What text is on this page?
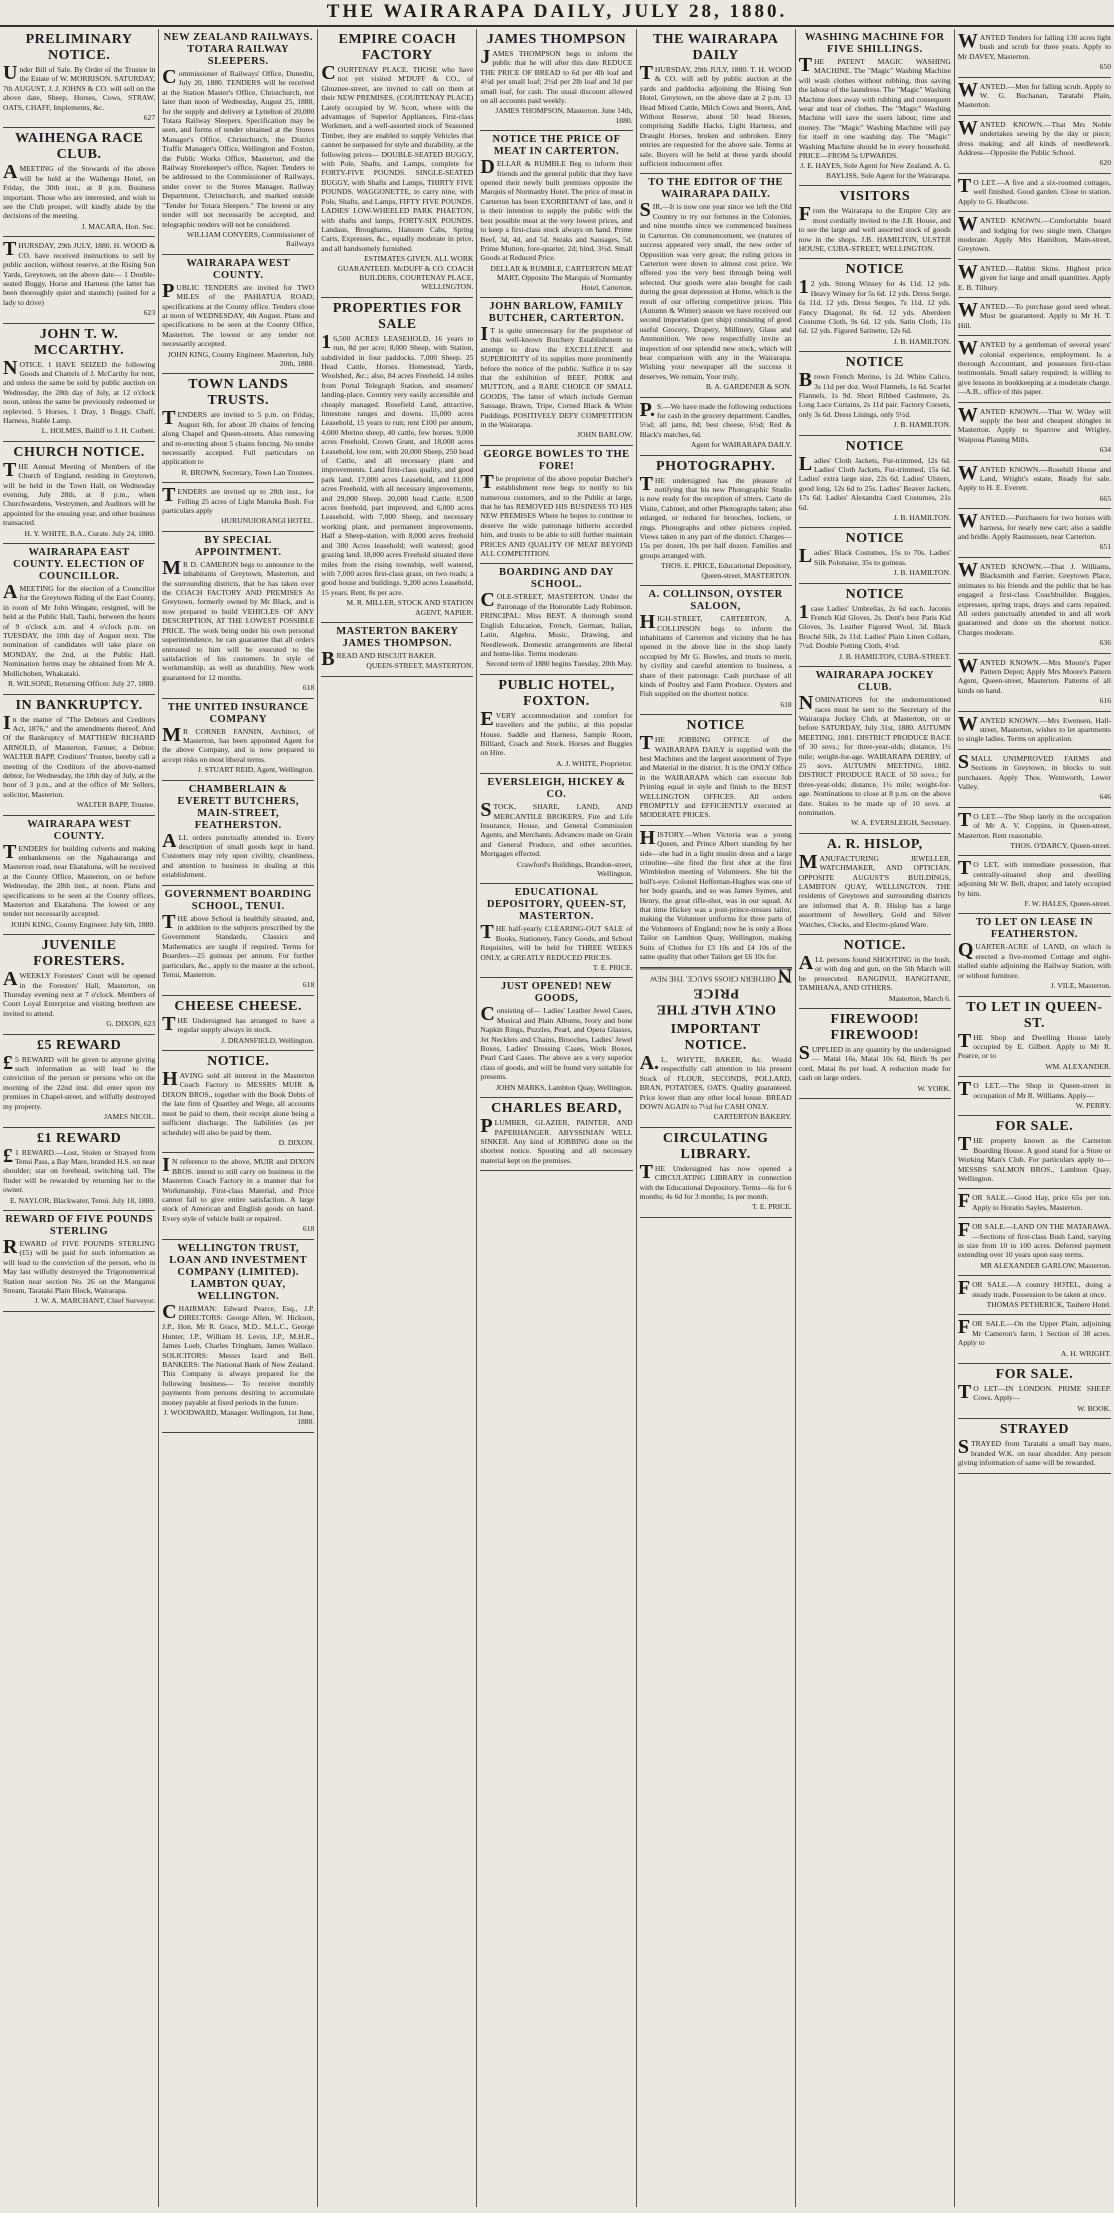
THE WAIRARAPA DAILY, JULY 28, 1880.
PRELIMINARY NOTICE.

Under Bill of Sale. By Order of the Trustee in the Estate of W. MORRISON. SATURDAY, 7th AUGUST, J. J. JOHNS & CO. will sell on the above date, Sheep, Horses, Cows, STRAW, OATS, CHAFF, Implements, &c.

627

WAIHENGA RACE CLUB.

AMEETING of the Stewards of the above will be held at the Waihenga Hotel, on Friday, the 30th inst., at 8 p.m. Business important. Those who are interested, and wish to see the Club prosper, will kindly abide by the decisions of the meeting.

J. MACARA, Hon. Sec.

THURSDAY, 29th JULY, 1880. H. WOOD & CO. have received instructions to sell by public auction, without reserve, at the Rising Sun Yards, Greytown, on the above date— 1 Double-seated Buggy, Horse and Harness (the latter has been thoroughly quiet and staunch) (suited for a lady to drive)

623

JOHN T. W. MCCARTHY.

NOTICE. I HAVE SEIZED the following Goods and Chattels of J. McCarthy for rent, and unless the same be sold by public auction on Wednesday, the 28th day of July, at 12 o'clock noon, unless the same be previously redeemed or replevied. 5 Horses, 1 Dray, 1 Buggy, Chaff, Harness, Stable Lamp.

L. HOLMES, Bailiff to J. H. Corbett.

CHURCH NOTICE.

THE Annual Meeting of Members of the Church of England, residing in Greytown, will be held in the Town Hall, on Wednesday evening, July 28th, at 8 p.m., when Churchwardens, Vestrymen, and Auditors will be appointed for the ensuing year, and other business transacted.

H. Y. WHITE, B.A., Curate. July 24, 1880.

WAIRARAPA EAST COUNTY. ELECTION OF COUNCILLOR.

AMEETING for the election of a Councillor for the Greytown Riding of the East County, in room of Mr John Wingate, resigned, will be held at the Public Hall, Tauhi, between the hours of 9 o'clock a.m. and 4 o'clock p.m. on TUESDAY, the 10th day of August next. The nomination of candidates will take place on MONDAY, the 2nd, at the Public Hall. Nomination forms may be obtained from Mr A. Mollichoben, Whakataki.

R. WILSONE, Returning Officer. July 27, 1880.

IN BANKRUPTCY.

In the matter of "The Debtors and Creditors Act, 1876," and the amendments thereof, And Of the Bankruptcy of MATTHEW RICHARD ARNOLD, of Masterton, Farmer, a Debtor. WALTER BAPP, Creditors' Trustee, hereby call a meeting of the Creditors of the above-named debtor, for Wednesday, the 18th day of July, at the hour of 3 p.m., and at the office of Mr Sellers, solicitor, Masterton.

WALTER BAPP, Trustee.

WAIRARAPA WEST COUNTY.

TENDERS for building culverts and making embankments on the Ngahauranga and Masterton road, near Ekatahuna, will be received at the County Office, Masterton, on or before Wednesday, the 28th inst., at noon. Plans and specifications to be seen at the County offices, Masterton and Ekatahuna. The lowest or any tender not necessarily accepted.

JOHN KING, County Engineer. July 6th, 1880.

JUVENILE FORESTERS.

AWEEKLY Foresters' Court will be opened in the Foresters' Hall, Masterton, on Thursday evening next at 7 o'clock. Members of Court Loyal Enterprise and visiting brethren are invited to attend.

G. DIXON, 623

£5 REWARD

£5 REWARD will be given to anyone giving such information as will lead to the conviction of the person or persons who on the morning of the 22nd inst. did enter upon my premises in Chapel-street, and wilfully destroyed my property.

JAMES NICOL.

£1 REWARD

£1 REWARD.—Lost, Stolen or Strayed from Tenui Pass, a Bay Mare, branded H.S. on near shoulder; star on forehead, switching tail. The finder will be rewarded by returning her to the owner.

E. NAYLOR, Blackwater, Tenui. July 18, 1880.

REWARD OF FIVE POUNDS STERLING

REWARD of FIVE POUNDS STERLING (£5) will be paid for such information as will lead to the conviction of the person, who in May last wilfully destroyed the Trigonometrical Station near section No. 26 on the Manganui Stream, Tarataki Plain Block, Wairarapa.

J. W. A. MARCHANT, Chief Surveyor.

NEW ZEALAND RAILWAYS. TOTARA RAILWAY SLEEPERS.

Commissioner of Railways' Office, Dunedin, July 20, 1880. TENDERS will be received at the Station Master's Office, Christchurch, not later than noon of Wednesday, August 25, 1880, for the supply and delivery at Lyttelton of 20,000 Totara Railway Sleepers. Specification may be seen, and forms of tender obtained at the Stores Manager's Office, Christchurch, the District Traffic Manager's Office, Wellington and Foxton, the Public Works Office, Masterton, and the Railway Storekeeper's office, Napier. Tenders to be addressed to the Commissioner of Railways, under cover to the Stores Manager, Railway Department, Christchurch, and marked outside "Tender for Totara Sleepers." The lowest or any tender will not necessarily be accepted, and telegraphic tenders will not be considered.

WILLIAM CONYERS, Commissioner of Railways

WAIRARAPA WEST COUNTY.

PUBLIC TENDERS are invited for TWO MILES of the PAHIATUA ROAD; specifications at the County office. Tenders close at noon of WEDNESDAY, 4th August. Plans and specifications to be seen at the County Office, Masterton. The lowest or any tender not necessarily accepted.

JOHN KING, County Engineer. Masterton, July 20th, 1880.

TOWN LANDS TRUSTS.

TENDERS are invited to 5 p.m. on Friday, August 6th, for about 20 chains of fencing along Chapel and Queen-streets. Also removing and re-erecting about 5 chains fencing. No tender necessarily accepted. Full particulars on application to

R. BROWN, Secretary, Town Lan Trustees.

TENDERS are invited up to 28th inst., for Felling 25 acres of Light Manuka Bush. For particulars apply

HURUNUIORANGI HOTEL.

BY SPECIAL APPOINTMENT.

MR D. CAMERON begs to announce to the inhabitants of Greytown, Masterton, and the surrounding districts, that he has taken over the COACH FACTORY AND PREMISES At Greytown, formerly owned by Mr Black, and is now prepared to build VEHICLES OF ANY DESCRIPTION, AT THE LOWEST POSSIBLE PRICE. The work being under his own personal superintendence, he can guarantee that all orders entrusted to him will be executed to the satisfaction of his customers. In style of workmanship, as well as durability. New work guaranteed for 12 months.

618

THE UNITED INSURANCE COMPANY

MR CORNER FANNIN, Architect, of Masterton, has been appointed Agent for the above Company, and is now prepared to accept risks on most liberal terms.

J. STUART REID, Agent, Wellington.

CHAMBERLAIN & EVERETT BUTCHERS, MAIN-STREET, FEATHERSTON.

ALL orders punctually attended to. Every description of small goods kept in hand. Customers may rely upon civility, cleanliness, and attention to business in dealing at this establishment.

GOVERNMENT BOARDING SCHOOL, TENUI.

THE above School is healthily situated, and, in addition to the subjects prescribed by the Government Standards, Classics and Mathematics are taught if required. Terms for Boarders—25 guineas per annum. For further particulars, &c., apply to the master at the school, Tenui, Masterton.

618

CHEESE CHEESE.

THE Undersigned has arranged to have a regular supply always in stock.

J. DRANSFIELD, Wellington.

NOTICE.

HAVING sold all interest in the Masterton Coach Factory to MESSRS MUIR & DIXON BROS., together with the Book Debts of the late firm of Quartley and Wege, all accounts must be paid to them, their receipt alone being a sufficient discharge. The liabilities (as per schedule) will also be paid by them.

D. DIXON.

IN reference to the above, MUIR and DIXON BROS. intend to still carry on business in the Masterton Coach Factory in a manner that for Workmanship, First-class Material, and Price cannot fail to give entire satisfaction. A large stock of American and English goods on hand. Every style of vehicle built or repaired.

618

WELLINGTON TRUST, LOAN AND INVESTMENT COMPANY (LIMITED). LAMBTON QUAY, WELLINGTON.

CHAIRMAN: Edward Pearce, Esq., J.P. DIRECTORS: George Allen, W. Hickson, J.P., Hon. Mr R. Grace, M.D., M.L.C., George Hunter, J.P., William H. Levin, J.P., M.H.R., James Loeb, Charles Tringham, James Wallace. SOLICITORS: Messrs Izard and Bell. BANKERS: The National Bank of New Zealand. This Company is always prepared for the following business— To receive monthly payments from persons desiring to accumulate money payable at fixed periods in the future.

J. WOODWARD, Manager. Wellington, 1st June, 1880.

EMPIRE COACH FACTORY

COURTENAY PLACE. THOSE who have not yet visited M'DUFF & CO., of Ghuznee-street, are invited to call on them at their NEW PREMISES, (COURTENAY PLACE) Lately occupied by W. Scott, where with the advantages of Superior Appliances, First-class Workmen, and a well-assorted stock of Seasoned Timber, they are enabled to supply Vehicles that cannot be surpassed for style and durability, at the following prices— DOUBLE-SEATED BUGGY, with Pole, Shafts, and Lamps, complete for FORTY-FIVE POUNDS. SINGLE-SEATED BUGGY, with Shafts and Lamps, THIRTY FIVE POUNDS. WAGGONETTE, to carry nine, with Pole, Shafts, and Lamps, FIFTY FIVE POUNDS. LADIES' LOW-WHEELED PARK PHAETON, with shafts and lamps, FORTY-SIX POUNDS. Landaus, Broughams, Hansom Cabs, Spring Carts, Expresses, &c., equally moderate in price, and all handsomely furnished.

ESTIMATES GIVEN. ALL WORK GUARANTEED. McDUFF & CO. COACH BUILDERS, COURTENAY PLACE, WELLINGTON.

PROPERTIES FOR SALE

16,500 ACRES LEASEHOLD, 16 years to run, 8d per acre; 8,000 Sheep, with Station, subdivided in four paddocks. 7,000 Sheep. 25 Head Cattle, Horses. Homestead, Yards, Woolshed, &c.; also, 84 acres Freehold, 14 miles from Portal Telegraph Station, and steamers' landing-place. Country very easily accessible and cheaply managed. Rosefield Land, attractive, limestone ranges and downs. 15,000 acres Leasehold, 15 years to run; rent £100 per annum, 4,000 Merino sheep, 40 cattle, few horses. 9,000 acres Freehold, Crown Grant, and 18,000 acres Leasehold, low rent, with 20,000 Sheep, 250 head of Cattle, and all necessary plant and improvements. Land first-class quality, and good park land. 17,000 acres Leasehold, and 11,000 acres Freehold, with all necessary improvements, and 29,000 Sheep. 20,000 head Cattle. 8,500 acres freehold, part improved, and 6,000 acres Leasehold, with 7,000 Sheep, and necessary working plant, and permanent improvements. Half a Sheep-station, with 8,000 acres freehold and 300 Acres leasehold; well watered; good grazing land. 18,000 acres Freehold situated three miles from the rising township, well watered, with 7,000 acres first-class grass, on two roads; a good house and buildings. 9,200 acres Leasehold, 15 years. Rent, 8s per acre.

M. R. MILLER, STOCK AND STATION AGENT, NAPIER.

MASTERTON BAKERY JAMES THOMPSON.

BREAD AND BISCUIT BAKER.

QUEEN-STREET, MASTERTON.

JAMES THOMPSON

JAMES THOMPSON begs to inform the public that he will after this date REDUCE THE PRICE OF BREAD to 6d per 4lb loaf and 4½d per small loaf; 2½d per 2lb loaf and 3d per small loaf, for cash. The usual discount allowed on all accounts paid weekly.

JAMES THOMPSON, Masterton. June 14th, 1880.

NOTICE THE PRICE OF MEAT IN CARTERTON.

DELLAR & RUMBLE Beg to inform their friends and the general public that they have opened their newly built premises opposite the Marquis of Normanby Hotel. The price of meat in Carterton has been EXORBITANT of late, and it is their intention to supply the public with the best possible meat at the very lowest prices, and to keep a first-class stock always on hand. Prime Beef, 3d, 4d, and 5d. Steaks and Sausages, 5d. Prime Mutton, fore-quarter, 2d; hind, 3½d. Small Goods at Reduced Price.

DELLAR & RUMBLE, CARTERTON MEAT MART, Opposite The Marquis of Normanby Hotel, Carterton.

JOHN BARLOW, FAMILY BUTCHER, CARTERTON.

IT is quite unnecessary for the proprietor of this well-known Butchery Establishment to attempt to draw the EXCELLENCE and SUPERIORITY of its supplies more prominently before the notice of the public. Suffice it to say that the exhibition of BEEF, PORK and MUTTON, and a RARE CHOICE OF SMALL GOODS, The latter of which include German Sausage, Brawn, Tripe, Corned Black & White Puddings. POSITIVELY DEFY COMPETITION in the Wairarapa.

JOHN BARLOW.

GEORGE BOWLES TO THE FORE!

The proprietor of the above popular Butcher's establishment now begs to notify to his numerous customers, and to the Public at large, that he has REMOVED HIS BUSINESS TO HIS NEW PREMISES Where he hopes to continue to deserve the wide patronage hitherto accorded him, and trusts to be able to still further maintain PRICES AND QUALITY OF MEAT BEYOND ALL COMPETITION.

BOARDING AND DAY SCHOOL.

COLE-STREET, MASTERTON. Under the Patronage of the Honorable Lady Robinson. PRINCIPAL: Miss BEST. A thorough sound English Education, French, German, Italian, Latin, Algebra, Music, Drawing, and Needlework. Domestic arrangements are liberal and home-like. Terms moderate.

Second term of 1880 begins Tuesday, 20th May.

PUBLIC HOTEL, FOXTON.

EVERY accommodation and comfort for travellers and the public, at this popular House. Saddle and Harness, Sample Room, Billiard, Coach and Stock. Horses and Buggies on Hire.

A. J. WHITE, Proprietor.

EVERSLEIGH, HICKEY & CO.

STOCK, SHARE, LAND, AND MERCANTILE BROKERS, Fire and Life Insurance, House, and General Commission Agents, and Merchants. Advances made on Grain and General Produce, and other securities. Mortgages effected.

Crawford's Buildings, Brandon-street, Wellington.

EDUCATIONAL DEPOSITORY, QUEEN-ST, MASTERTON.

THE half-yearly CLEARING-OUT SALE of Books, Stationery, Fancy Goods, and School Requisites, will be held for THREE WEEKS ONLY, at GREATLY REDUCED PRICES.

T. E. PRICE.

JUST OPENED! NEW GOODS,

Consisting of— Ladies' Leather Jewel Cases, Musical and Plain Albums, Ivory and bone Napkin Rings, Puzzles, Pearl, and Opera Glasses, Jet Necklets and Chains, Brooches, Ladies' Jewel Boxes, Ladies' Dressing Cases, Work Boxes, Pearl Card Cases. The above are a very superior class of goods, and will be found very suitable for presents.

JOHN MARKS, Lambton Quay, Wellington.

CHARLES BEARD,

PLUMBER, GLAZIER, PAINTER, AND PAPERHANGER. ABYSSINIAN WELL SINKER. Any kind of JOBBING done on the shortest notice. Spouting and all necessary material kept on the premises.

THE WAIRARAPA DAILY

THURSDAY, 29th JULY, 1880. T. H. WOOD & CO. will sell by public auction at the yards and paddocks adjoining the Rising Sun Hotel, Greytown, on the above date at 2 p.m. 13 Head Mixed Cattle, Milch Cows and Steers, And, Without Reserve, about 50 head Horses, comprising Saddle Hacks, Light Harness, and Draught Horses, broken and unbroken. Entry entries are requested for the above sale. Terms at sale. Buyers will be held at these yards should sufficient inducement offer.

TO THE EDITOR OF THE WAIRARAPA DAILY.

SIR,—It is now one year since we left the Old Country to try our fortunes in the Colonies, and nine months since we commenced business in Carterton. On commencement, we (natures of success appeared very small, the new order of Opposition was very great; the ruling prices in Carterton were down to almost cost price. We offered you the very best through being well selected. Our goods were also bought for cash during the great depression at Home, which is the result of our offering competitive prices. This (Autumn & Winter) season we have received our second importation (per ship) consisting of good useful Grocery, Drapery, Millinery, Glass and Ammunition. We now respectfully invite an inspection of our splendid new stock, which will bear comparison with any in the Wairarapa. Wishing your newspaper all the success it deserves, We remain, Your truly,

B. A. GARDENER & SON.

P.S.—We have made the following reductions for cash in the grocery department. Candles, 5½d; all jams, 8d; best cheese, 6½d; Red & Black's matches, 6d.

Agent for WAIRARAPA DAILY.

PHOTOGRAPHY.

THE undersigned has the pleasure of notifying that his new Photographic Studio is now ready for the reception of sitters. Carte de Visite, Cabinet, and other Photographs taken; also enlarged, or reduced for brooches, lockets, or rings. Photographs and other pictures copied. Views taken in any part of the district. Charges—15s per dozen, 10s per half dozen. Families and groups arranged with.

THOS. E. PRICE, Educational Depository, Queen-street, MASTERTON.

A. COLLINSON, OYSTER SALOON,

HIGH-STREET, CARTERTON. A. COLLINSON begs to inform the inhabitants of Carterton and vicinity that he has opened in the above line in the shop lately occupied by Mr G. Bowles, and trusts to merit, by civility and careful attention to business, a share of their patronage. Cash purchase of all kinds of Poultry and Farm Produce. Oysters and Fish supplied on the shortest notice.

618

NOTICE

THE JOBBING OFFICE of the WAIRARAPA DAILY is supplied with the best Machines and the largest assortment of Type and Material in the district. It is the ONLY Office in the WAIRARAPA which can execute Job Printing equal in style and finish to the BEST WELLINGTON OFFICES. All orders PROMPTLY and EFFICIENTLY executed at MODERATE PRICES.

HISTORY.—When Victoria was a young Queen, and Prince Albert standing by her side—she had in a light muslin dress and a large crinoline—she fired the first shot at the first Wimbledon meeting of Volunteers. She hit the bull's-eye. Colonel Heffernan-Hughes was one of her body guards, and so was James Symes, and Henry, the great rifle-shot, was in our squad. At that time Hickey was a post-prince-tresses tailor, making the Volunteer uniforms for three parts of the Volunteers of England; now he is only a Boss Tailor on Lambton Quay, Wellington, making Suits of Clothes for £3 10s and £4 10s of the same quality that other Tailors get £6 10s for.

ONLY HALF THE PRICE

NORTHERN CROSS SAUCE. THE NEW

IMPORTANT NOTICE.

A.L. WHYTE, BAKER, &c. Would respectfully call attention to his present Stock of FLOUR, SECONDS, POLLARD, BRAN, POTATOES, OATS. Quality guaranteed. Price lower than any other local house. BREAD DOWN AGAIN to 7½d for CASH ONLY.

CARTERTON BAKERY.

CIRCULATING LIBRARY.

THE Undersigned has now opened a CIRCULATING LIBRARY in connection with the Educational Depository. Terms—6s for 6 months; 4s 6d for 3 months; 1s per month.

T. E. PRICE.

WASHING MACHINE FOR FIVE SHILLINGS.

THE PATENT MAGIC WASHING MACHINE. The "Magic" Washing Machine will wash clothes without rubbing, thus saving the labour of the laundress. The "Magic" Washing Machine does away with rubbing and consequent wear and tear of clothes. The "Magic" Washing Machine will save the users labour, time and money. The "Magic" Washing Machine will pay for itself in one washing day. The "Magic" Washing Machine should be in every household. PRICE—FROM 5s UPWARDS.

J. E. HAYES, Sole Agent for New Zealand. A. G. BAYLISS, Sole Agent for the Wairarapa.

VISITORS

From the Wairarapa to the Empire City are most cordially invited to the J.B. House, and to see the large and well assorted stock of goods now in the shops. J.B. HAMILTON, ULSTER HOUSE, CUBA-STREET, WELLINGTON.

NOTICE

12 yds. Strong Winsey for 4s 11d. 12 yds. Heavy Winsey for 5s 6d. 12 yds. Dress Serge, 6s 11d. 12 yds. Dress Serges, 7s 11d. 12 yds. Fancy Diagonal, 8s 6d. 12 yds. Aberdeen Costume Cloth, 9s 6d. 12 yds. Satin Cloth, 11s 6d. 12 yds. Figured Satinette, 12s 6d.

J. B. HAMILTON.

NOTICE

Brown French Merino, 1s 2d. White Calico, 3s 11d per doz. Wool Flannels, 1s 6d. Scarlet Flannels, 1s 9d. Short Ribbed Cashmere, 2s. Long Lace Curtains, 2s 11d pair. Factory Corsets, only 3s 6d. Dress Linings, only 5½d.

J. B. HAMILTON.

NOTICE

Ladies' Cloth Jackets, Fur-trimmed, 12s 6d. Ladies' Cloth Jackets, Fur-trimmed, 15s 6d. Ladies' extra large size, 22s 6d. Ladies' Ulsters, good long, 12s 6d to 25s. Ladies' Beaver Jackets, 17s 6d. Ladies' Alexandra Cord Costumes, 21s 6d.

J. B. HAMILTON.

NOTICE

Ladies' Black Costumes, 15s to 70s. Ladies' Silk Polonaise, 35s to guineas.

J. B. HAMILTON.

NOTICE

1case Ladies' Umbrellas, 2s 6d each. Jaconis French Kid Gloves, 2s. Dent's best Paris Kid Gloves, 3s. Leather Figured Wool, 3d. Black Broché Silk, 2s 11d. Ladies' Plain Linen Collars, 7½d. Double Potting Cloth, 4½d.

J. B. HAMILTON, CUBA-STREET.

WAIRARAPA JOCKEY CLUB.

NOMINATIONS for the undermentioned races must be sent to the Secretary of the Wairarapa Jockey Club, at Masterton, on or before SATURDAY, July 31st, 1880. AUTUMN MEETING, 1881. DISTRICT PRODUCE RACE of 30 sovs.; for three-year-olds; distance, 1½ mile; weight-for-age. WAIRARAPA DERBY, of 25 sovs. AUTUMN MEETING, 1882. DISTRICT PRODUCE RACE of 50 sovs.; for three-year-olds; distance, 1½ mile; weight-for-age. Nominations to close at 8 p.m. on the above date. Stakes to be made up of 10 sovs. at nomination.

W. A. EVERSLEIGH, Secretary.

A. R. HISLOP,

MANUFACTURING JEWELLER, WATCHMAKER, AND OPTICIAN. OPPOSITE AUGUST'S BUILDINGS, LAMBTON QUAY, WELLINGTON. THE residents of Greytown and surrounding districts are informed that A. R. Hislop has a large assortment of Jewellery, Gold and Silver Watches, Clocks, and Electro-plated Ware.

NOTICE.

ALL persons found SHOOTING in the bush, or with dog and gun, on the 5th March will be prosecuted. RANGINUI, RANGITANE, TAMIHANA, AND OTHERS.

Masterton, March 6.

FIREWOOD! FIREWOOD!

SUPPLIED in any quantity by the undersigned— Matai 16s, Matai 10s 6d, Birch 9s per cord, Matai 8s per load. A reduction made for cash on large orders.

W. YORK.

WANTED Tenders for falling 130 acres light bush and scrub for three years. Apply to Mr DAVEY, Masterton.

650

WANTED.—Men for falling scrub. Apply to W. G. Buchanan, Taratahi Plain, Masterton.

WANTED KNOWN.—That Mrs Noble undertakes sewing by the day or piece; dress making; and all kinds of needlework. Address—Opposite the Public School.

620

TO LET.—A five and a six-roomed cottages, well finished. Good garden. Close to station. Apply to G. Heathcote.

WANTED KNOWN.—Comfortable board and lodging for two single men. Charges moderate. Apply Mrs Hamilton, Main-street, Greytown.

WANTED.—Rabbit Skins. Highest price given for large and small quantities. Apply E. B. Tilbury.

WANTED.—To purchase good seed wheat. Must be guaranteed. Apply to Mr H. T. Hill.

WANTED by a gentleman of several years' colonial experience, employment. Is a thorough Accountant, and possesses first-class testimonials. Small salary required; is willing to give lessons in bookkeeping at a moderate charge.—A.B., office of this paper.

WANTED KNOWN.—That W. Wiley will supply the best and cheapest shingles in Masterton. Apply to Sparrow and Wrigley, Waipoua Planing Mills.

634

WANTED KNOWN.—Rosehill House and Land, Wright's estate, Ready for sale. Apply to H. E. Everett.

665

WANTED.—Purchasers for two horses with harness, for nearly new cart; also a saddle and bridle. Apply Rasmussen, near Carterton.

651

WANTED KNOWN.—That J. Williams, Blacksmith and Farrier, Greytown Place, intimates to his friends and the public that he has engaged a first-class Coachbuilder. Buggies, expresses, spring traps, drays and carts repaired. All orders punctually attended to and all work guaranteed and done on the shortest notice. Charges moderate.

636

WANTED KNOWN.—Mrs Moore's Paper Pattern Depot; Apply Mrs Moore's Pattern Agent, Queen-street, Masterton. Patterns of all kinds on hand.

616

WANTED KNOWN.—Mrs Ewensen, Hall-street, Masterton, wishes to let apartments to single ladies. Terms on application.

SMALL UNIMPROVED FARMS and Sections in Greytown, in blocks to suit purchasers. Apply Thos. Wentworth, Lower Valley.

646

TO LET.—The Shop lately in the occupation of Mr A. V. Coppins, in Queen-street, Masterton. Rent reasonable.

THOS. O'DARCY, Queen-street.

TO LET, with immediate possession, that centrally-situated shop and dwelling adjoining Mr W. Bell, draper, and lately occupied by him.

F. W. HALES, Queen-street.

TO LET ON LEASE IN FEATHERSTON.

QUARTER-ACRE of LAND, on which is erected a five-roomed Cottage and eight-stalled stable adjoining the Railway Station, with or without furniture.

J. VILE, Masterton.

TO LET IN QUEEN-ST.

THE Shop and Dwelling House lately occupied by E. Gilbert. Apply to Mr R. Pearce, or to

WM. ALEXANDER.

TO LET.—The Shop in Queen-street in occupation of Mr R. Williams. Apply—

W. PERRY.

FOR SALE.

THE property known as the Carterton Boarding House. A good stand for a Store or Working Man's Club. For particulars apply to— MESSRS SALMON BROS., Lambton Quay, Wellington.

FOR SALE.—Good Hay, price 65s per ton. Apply to Horatio Sayles, Masterton.

FOR SALE.—LAND ON THE MATARAWA.—Sections of first-class Bush Land, varying in size from 10 to 100 acres. Deferred payment extending over 10 years upon easy terms.

MR ALEXANDER GARLOW, Masterton.

FOR SALE.—A country HOTEL, doing a steady trade. Possession to be taken at once.

THOMAS PETHERICK, Tauhere Hotel.

FOR SALE.—On the Upper Plain, adjoining Mr Cameron's farm, 1 Section of 38 acres. Apply to

A. H. WRIGHT.

FOR SALE.

TO LET—IN LONDON. PRIME SHEEP. Cows. Apply—

W. BOOK.

STRAYED

STRAYED from Taratahi a small bay mare, branded W.K. on near shoulder. Any person giving information of same will be rewarded.
